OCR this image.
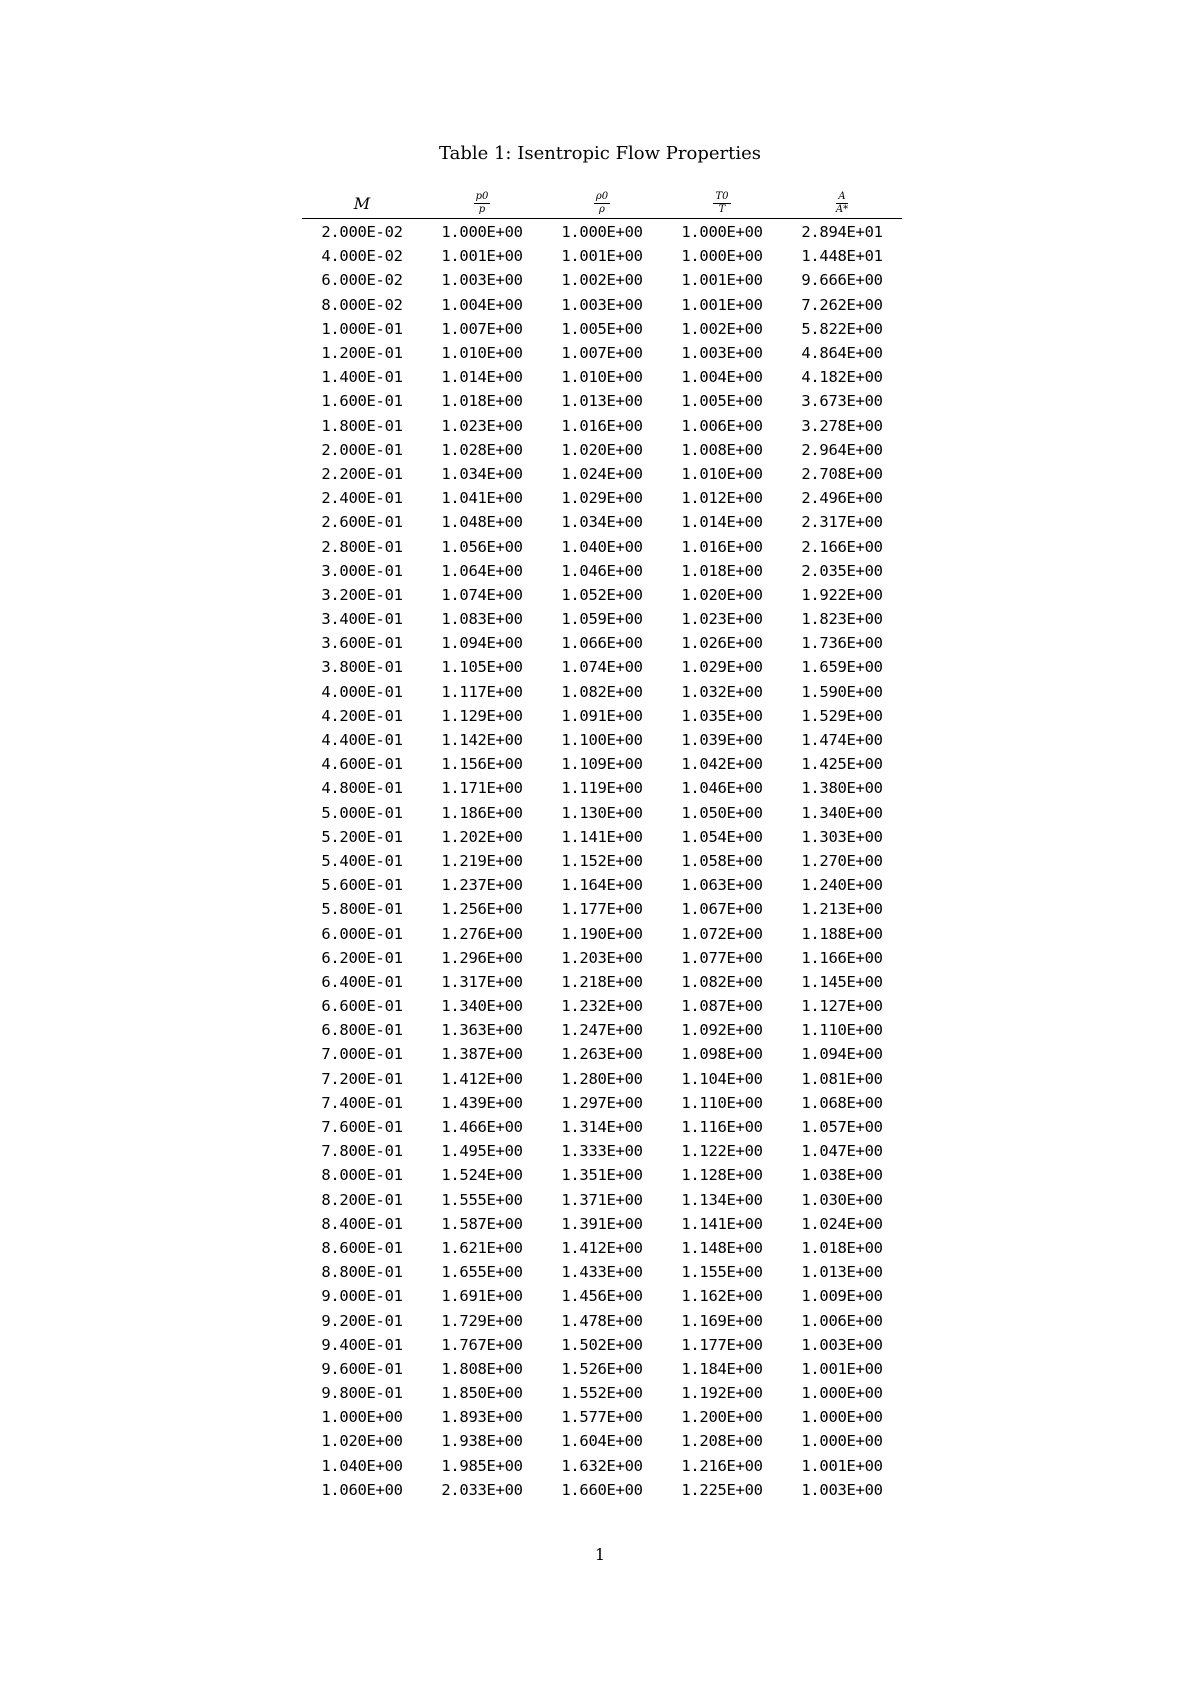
Table 1: Isentropic Flow Properties
M	$\frac{p0}{p}$	$\frac{\rho 0}{\rho}$	$\frac{T0}{T}$	$\frac{A}{A*}$
2.000E-02	1.000E+00	1.000E+00	1.000E+00	2.894E+01
4.000E-02	1.001E+00	1.001E+00	1.000E+00	1.448E+01
6.000E-02	1.003E+00	1.002E+00	1.001E+00	9.666E+00
8.000E-02	1.004E+00	1.003E+00	1.001E+00	7.262E+00
1.000E-01	1.007E+00	1.005E+00	1.002E+00	5.822E+00
1.200E-01	1.010E+00	1.007E+00	1.003E+00	4.864E+00
1.400E-01	1.014E+00	1.010E+00	1.004E+00	4.182E+00
1.600E-01	1.018E+00	1.013E+00	1.005E+00	3.673E+00
1.800E-01	1.023E+00	1.016E+00	1.006E+00	3.278E+00
2.000E-01	1.028E+00	1.020E+00	1.008E+00	2.964E+00
2.200E-01	1.034E+00	1.024E+00	1.010E+00	2.708E+00
2.400E-01	1.041E+00	1.029E+00	1.012E+00	2.496E+00
2.600E-01	1.048E+00	1.034E+00	1.014E+00	2.317E+00
2.800E-01	1.056E+00	1.040E+00	1.016E+00	2.166E+00
3.000E-01	1.064E+00	1.046E+00	1.018E+00	2.035E+00
3.200E-01	1.074E+00	1.052E+00	1.020E+00	1.922E+00
3.400E-01	1.083E+00	1.059E+00	1.023E+00	1.823E+00
3.600E-01	1.094E+00	1.066E+00	1.026E+00	1.736E+00
3.800E-01	1.105E+00	1.074E+00	1.029E+00	1.659E+00
4.000E-01	1.117E+00	1.082E+00	1.032E+00	1.590E+00
4.200E-01	1.129E+00	1.091E+00	1.035E+00	1.529E+00
4.400E-01	1.142E+00	1.100E+00	1.039E+00	1.474E+00
4.600E-01	1.156E+00	1.109E+00	1.042E+00	1.425E+00
4.800E-01	1.171E+00	1.119E+00	1.046E+00	1.380E+00
5.000E-01	1.186E+00	1.130E+00	1.050E+00	1.340E+00
5.200E-01	1.202E+00	1.141E+00	1.054E+00	1.303E+00
5.400E-01	1.219E+00	1.152E+00	1.058E+00	1.270E+00
5.600E-01	1.237E+00	1.164E+00	1.063E+00	1.240E+00
5.800E-01	1.256E+00	1.177E+00	1.067E+00	1.213E+00
6.000E-01	1.276E+00	1.190E+00	1.072E+00	1.188E+00
6.200E-01	1.296E+00	1.203E+00	1.077E+00	1.166E+00
6.400E-01	1.317E+00	1.218E+00	1.082E+00	1.145E+00
6.600E-01	1.340E+00	1.232E+00	1.087E+00	1.127E+00
6.800E-01	1.363E+00	1.247E+00	1.092E+00	1.110E+00
7.000E-01	1.387E+00	1.263E+00	1.098E+00	1.094E+00
7.200E-01	1.412E+00	1.280E+00	1.104E+00	1.081E+00
7.400E-01	1.439E+00	1.297E+00	1.110E+00	1.068E+00
7.600E-01	1.466E+00	1.314E+00	1.116E+00	1.057E+00
7.800E-01	1.495E+00	1.333E+00	1.122E+00	1.047E+00
8.000E-01	1.524E+00	1.351E+00	1.128E+00	1.038E+00
8.200E-01	1.555E+00	1.371E+00	1.134E+00	1.030E+00
8.400E-01	1.587E+00	1.391E+00	1.141E+00	1.024E+00
8.600E-01	1.621E+00	1.412E+00	1.148E+00	1.018E+00
8.800E-01	1.655E+00	1.433E+00	1.155E+00	1.013E+00
9.000E-01	1.691E+00	1.456E+00	1.162E+00	1.009E+00
9.200E-01	1.729E+00	1.478E+00	1.169E+00	1.006E+00
9.400E-01	1.767E+00	1.502E+00	1.177E+00	1.003E+00
9.600E-01	1.808E+00	1.526E+00	1.184E+00	1.001E+00
9.800E-01	1.850E+00	1.552E+00	1.192E+00	1.000E+00
1.000E+00	1.893E+00	1.577E+00	1.200E+00	1.000E+00
1.020E+00	1.938E+00	1.604E+00	1.208E+00	1.000E+00
1.040E+00	1.985E+00	1.632E+00	1.216E+00	1.001E+00
1.060E+00	2.033E+00	1.660E+00	1.225E+00	1.003E+00
1
